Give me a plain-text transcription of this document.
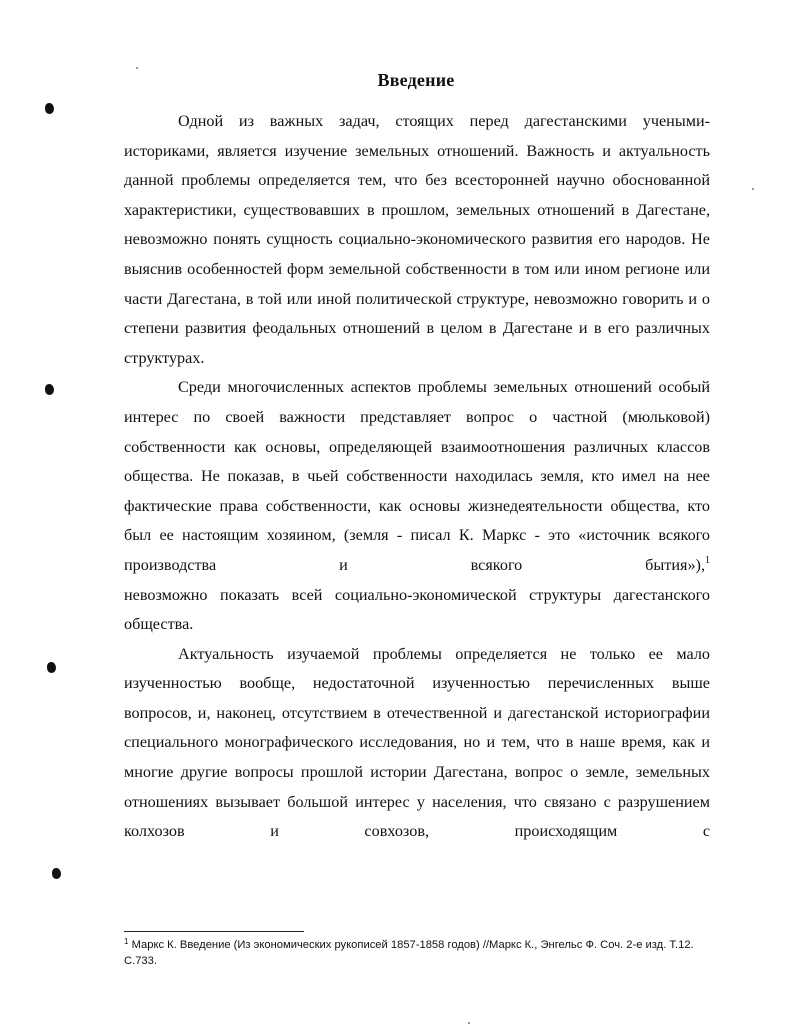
Введение

Одной из важных задач, стоящих перед дагестанскими учеными-историками, является изучение земельных отношений. Важность и актуальность данной проблемы определяется тем, что без всесторонней научно обоснованной характеристики, существовавших в прошлом, земельных отношений в Дагестане, невозможно понять сущность социально-экономического развития его народов. Не выяснив особенностей форм земельной собственности в том или ином регионе или части Дагестана, в той или иной политической структуре, невозможно говорить и о степени развития феодальных отношений в целом в Дагестане и в его различных структурах.

Среди многочисленных аспектов проблемы земельных отношений особый интерес по своей важности представляет вопрос о частной (мюльковой) собственности как основы, определяющей взаимоотношения различных классов общества. Не показав, в чьей собственности находилась земля, кто имел на нее фактические права собственности, как основы жизнедеятельности общества, кто был ее настоящим хозяином, (земля - писал К. Маркс - это «источник всякого производства и всякого бытия»),$^1$

невозможно показать всей социально-экономической структуры дагестанского общества.

Актуальность изучаемой проблемы определяется не только ее мало изученностью вообще, недостаточной изученностью перечисленных выше вопросов, и, наконец, отсутствием в отечественной и дагестанской историографии специального монографического исследования, но и тем, что в наше время, как и многие другие вопросы прошлой истории Дагестана, вопрос о земле, земельных отношениях вызывает большой интерес у населения, что связано с разрушением колхозов и совхозов, происходящим с

$^1$ Маркс К. Введение (Из экономических рукописей 1857-1858 годов) //Маркс К., Энгельс Ф. Соч. 2-е изд. Т.12. С.733.
